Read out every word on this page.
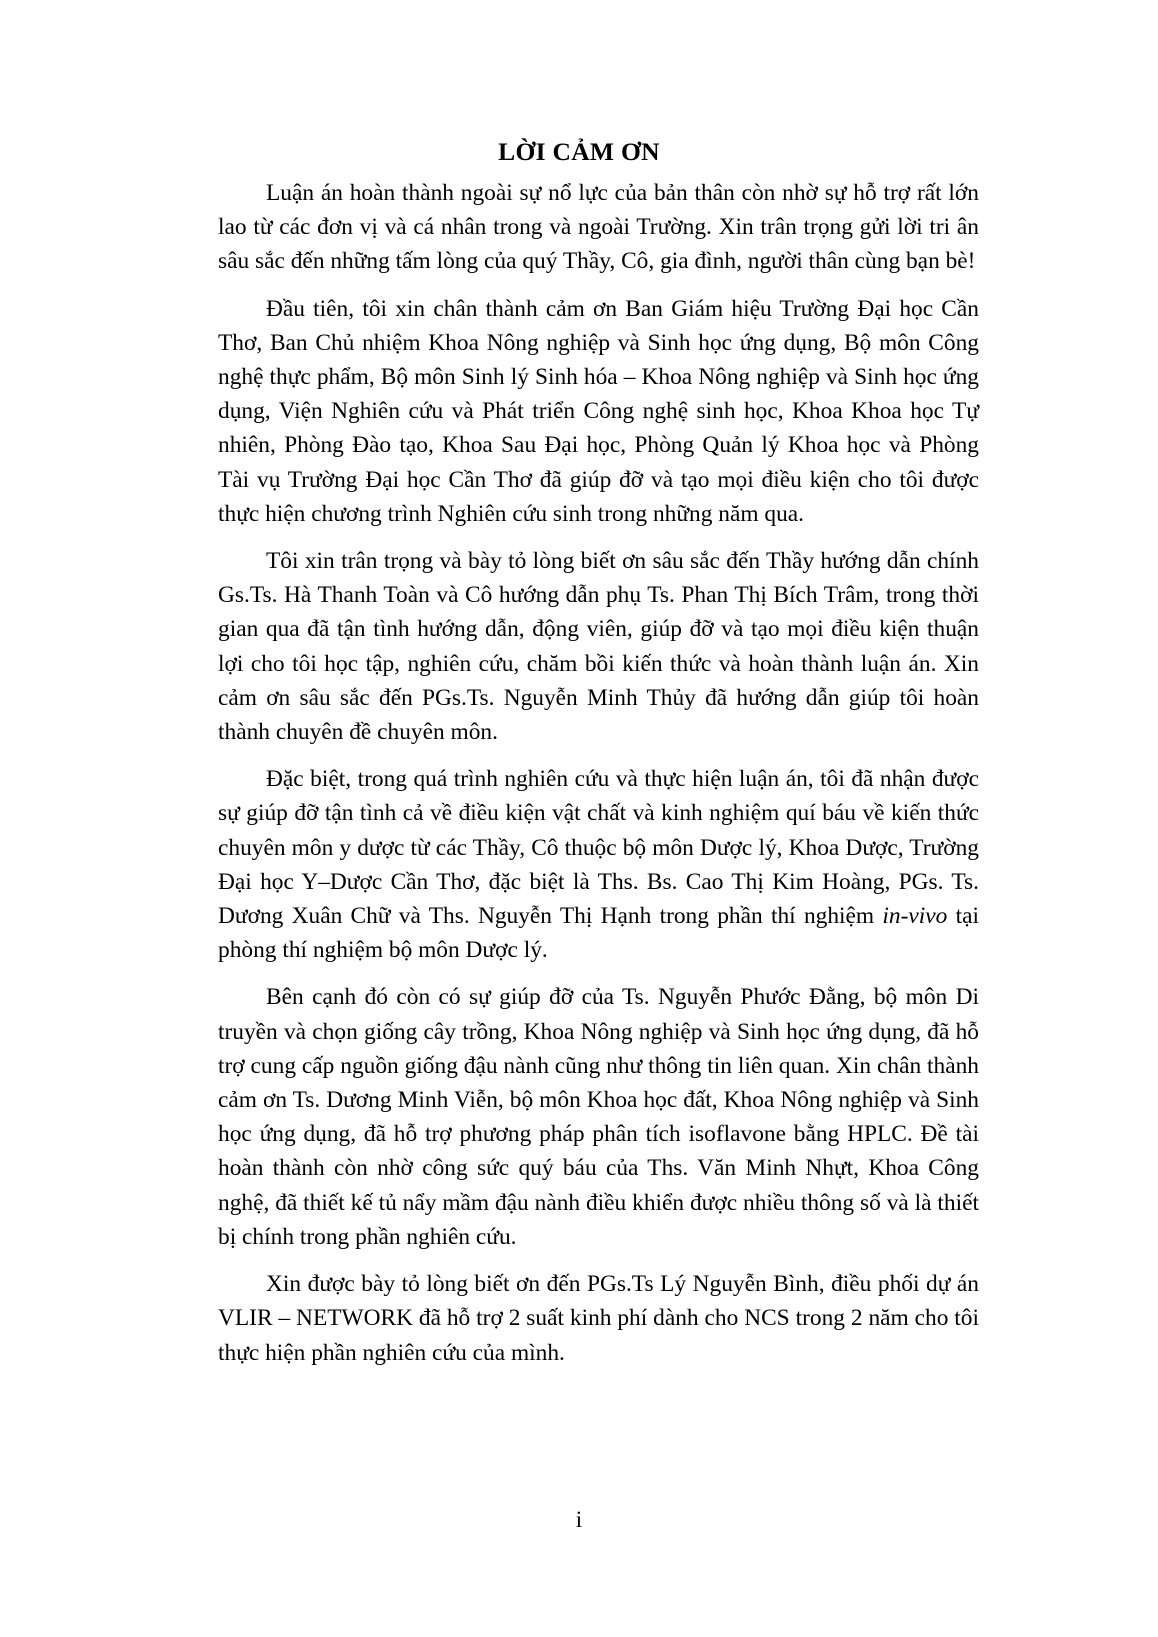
LỜI CẢM ƠN

Luận án hoàn thành ngoài sự nổ lực của bản thân còn nhờ sự hỗ trợ rất lớn lao từ các đơn vị và cá nhân trong và ngoài Trường. Xin trân trọng gửi lời tri ân sâu sắc đến những tấm lòng của quý Thầy, Cô, gia đình, người thân cùng bạn bè!

Đầu tiên, tôi xin chân thành cảm ơn Ban Giám hiệu Trường Đại học Cần Thơ, Ban Chủ nhiệm Khoa Nông nghiệp và Sinh học ứng dụng, Bộ môn Công nghệ thực phẩm, Bộ môn Sinh lý Sinh hóa – Khoa Nông nghiệp và Sinh học ứng dụng, Viện Nghiên cứu và Phát triển Công nghệ sinh học, Khoa Khoa học Tự nhiên, Phòng Đào tạo, Khoa Sau Đại học, Phòng Quản lý Khoa học và Phòng Tài vụ Trường Đại học Cần Thơ đã giúp đỡ và tạo mọi điều kiện cho tôi được thực hiện chương trình Nghiên cứu sinh trong những năm qua.

Tôi xin trân trọng và bày tỏ lòng biết ơn sâu sắc đến Thầy hướng dẫn chính Gs.Ts. Hà Thanh Toàn và Cô hướng dẫn phụ Ts. Phan Thị Bích Trâm, trong thời gian qua đã tận tình hướng dẫn, động viên, giúp đỡ và tạo mọi điều kiện thuận lợi cho tôi học tập, nghiên cứu, chăm bồi kiến thức và hoàn thành luận án. Xin cảm ơn sâu sắc đến PGs.Ts. Nguyễn Minh Thủy đã hướng dẫn giúp tôi hoàn thành chuyên đề chuyên môn.

Đặc biệt, trong quá trình nghiên cứu và thực hiện luận án, tôi đã nhận được sự giúp đỡ tận tình cả về điều kiện vật chất và kinh nghiệm quí báu về kiến thức chuyên môn y dược từ các Thầy, Cô thuộc bộ môn Dược lý, Khoa Dược, Trường Đại học Y–Dược Cần Thơ, đặc biệt là Ths. Bs. Cao Thị Kim Hoàng, PGs. Ts. Dương Xuân Chữ và Ths. Nguyễn Thị Hạnh trong phần thí nghiệm in-vivo tại phòng thí nghiệm bộ môn Dược lý.

Bên cạnh đó còn có sự giúp đỡ của Ts. Nguyễn Phước Đằng, bộ môn Di truyền và chọn giống cây trồng, Khoa Nông nghiệp và Sinh học ứng dụng, đã hỗ trợ cung cấp nguồn giống đậu nành cũng như thông tin liên quan. Xin chân thành cảm ơn Ts. Dương Minh Viễn, bộ môn Khoa học đất, Khoa Nông nghiệp và Sinh học ứng dụng, đã hỗ trợ phương pháp phân tích isoflavone bằng HPLC. Đề tài hoàn thành còn nhờ công sức quý báu của Ths. Văn Minh Nhựt, Khoa Công nghệ, đã thiết kế tủ nẩy mầm đậu nành điều khiển được nhiều thông số và là thiết bị chính trong phần nghiên cứu.

Xin được bày tỏ lòng biết ơn đến PGs.Ts Lý Nguyễn Bình, điều phối dự án VLIR – NETWORK đã hỗ trợ 2 suất kinh phí dành cho NCS trong 2 năm cho tôi thực hiện phần nghiên cứu của mình.

i
